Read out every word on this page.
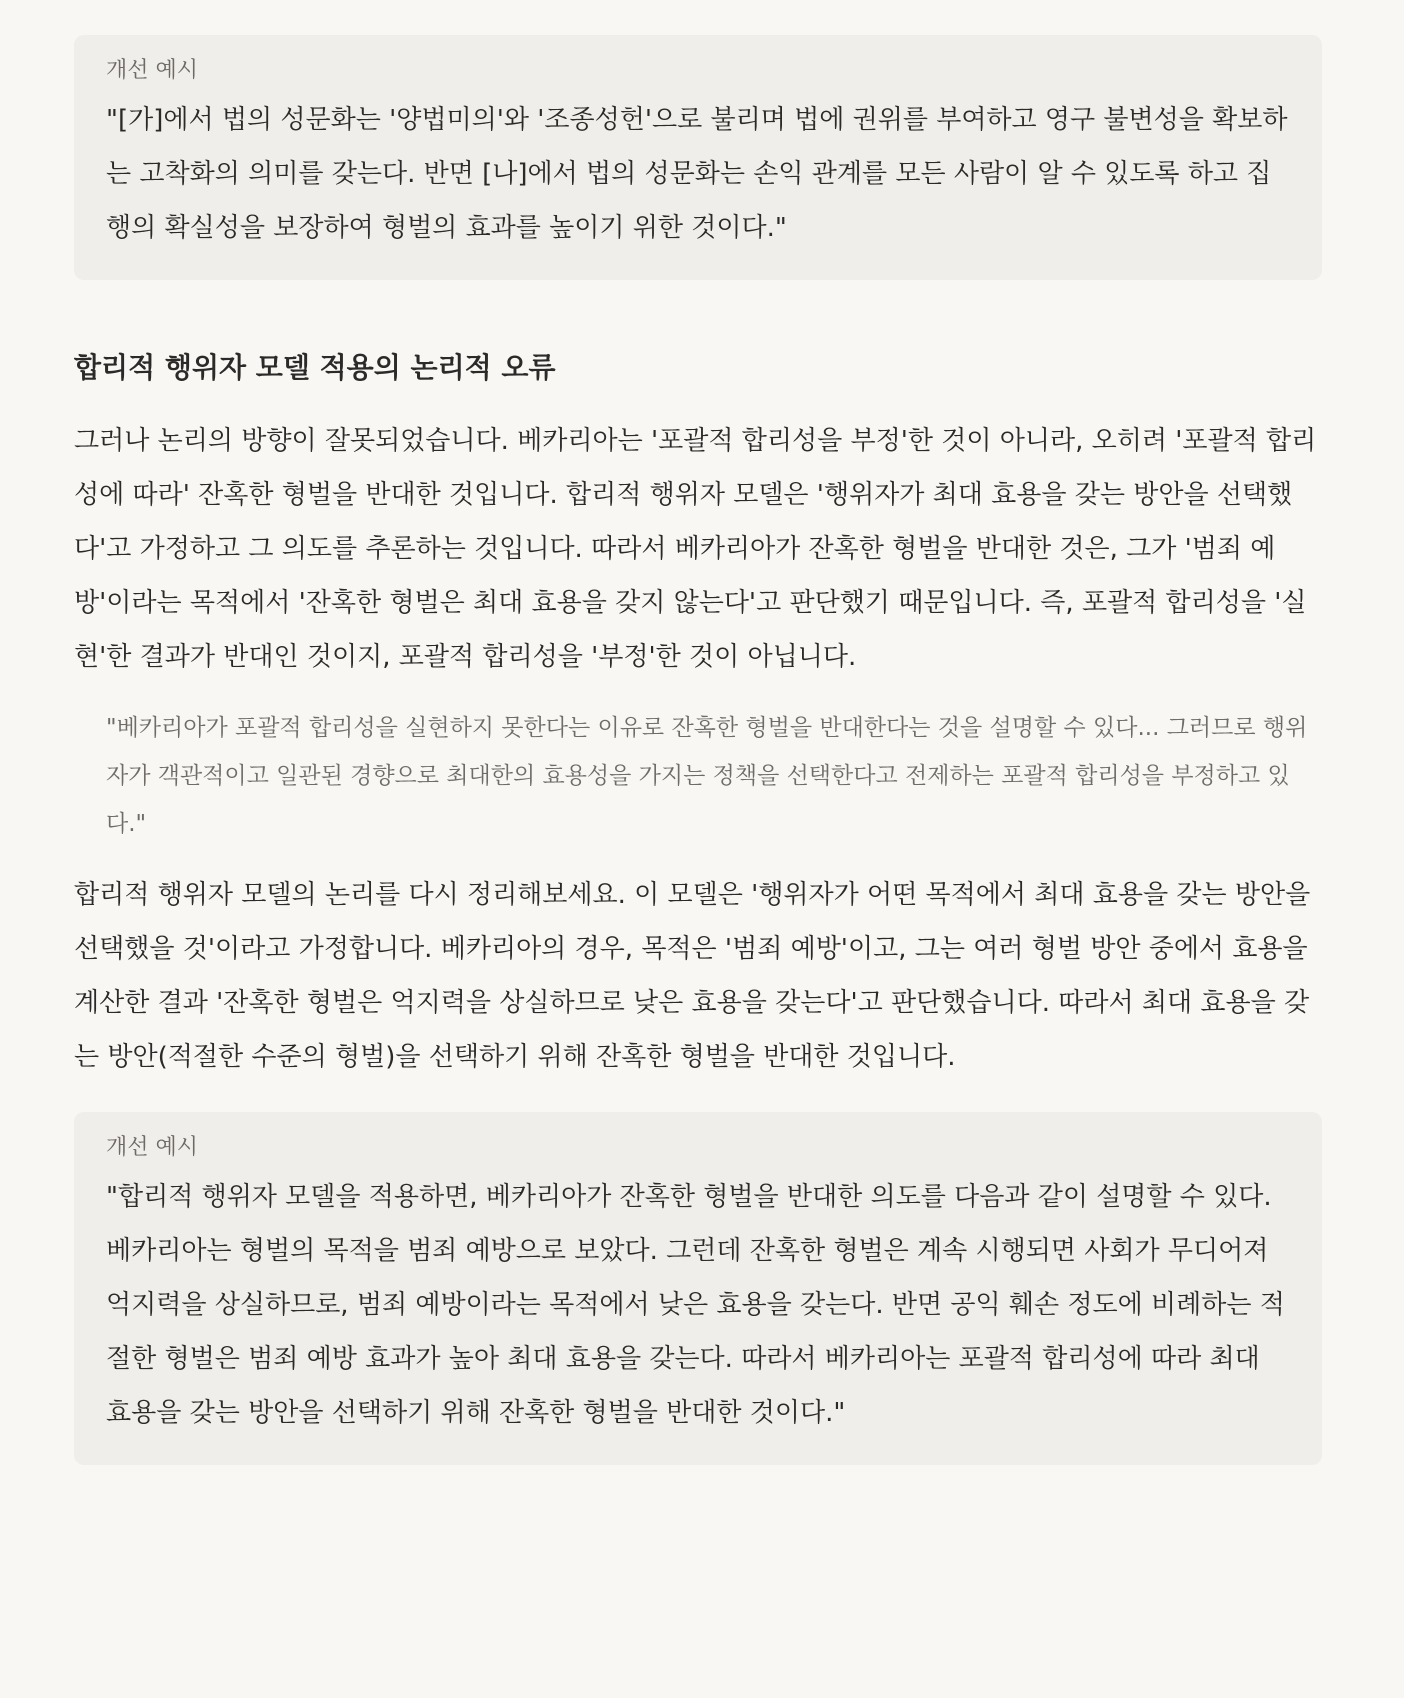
개선 예시
"[가]에서 법의 성문화는 '양법미의'와 '조종성헌'으로 불리며 법에 권위를 부여하고 영구 불변성을 확보하는 고착화의 의미를 갖는다. 반면 [나]에서 법의 성문화는 손익 관계를 모든 사람이 알 수 있도록 하고 집행의 확실성을 보장하여 형벌의 효과를 높이기 위한 것이다."
합리적 행위자 모델 적용의 논리적 오류
그러나 논리의 방향이 잘못되었습니다. 베카리아는 '포괄적 합리성을 부정'한 것이 아니라, 오히려 '포괄적 합리성에 따라' 잔혹한 형벌을 반대한 것입니다. 합리적 행위자 모델은 '행위자가 최대 효용을 갖는 방안을 선택했다'고 가정하고 그 의도를 추론하는 것입니다. 따라서 베카리아가 잔혹한 형벌을 반대한 것은, 그가 '범죄 예방'이라는 목적에서 '잔혹한 형벌은 최대 효용을 갖지 않는다'고 판단했기 때문입니다. 즉, 포괄적 합리성을 '실현'한 결과가 반대인 것이지, 포괄적 합리성을 '부정'한 것이 아닙니다.
"베카리아가 포괄적 합리성을 실현하지 못한다는 이유로 잔혹한 형벌을 반대한다는 것을 설명할 수 있다... 그러므로 행위자가 객관적이고 일관된 경향으로 최대한의 효용성을 가지는 정책을 선택한다고 전제하는 포괄적 합리성을 부정하고 있다."
합리적 행위자 모델의 논리를 다시 정리해보세요. 이 모델은 '행위자가 어떤 목적에서 최대 효용을 갖는 방안을 선택했을 것'이라고 가정합니다. 베카리아의 경우, 목적은 '범죄 예방'이고, 그는 여러 형벌 방안 중에서 효용을 계산한 결과 '잔혹한 형벌은 억지력을 상실하므로 낮은 효용을 갖는다'고 판단했습니다. 따라서 최대 효용을 갖는 방안(적절한 수준의 형벌)을 선택하기 위해 잔혹한 형벌을 반대한 것입니다.
개선 예시
"합리적 행위자 모델을 적용하면, 베카리아가 잔혹한 형벌을 반대한 의도를 다음과 같이 설명할 수 있다. 베카리아는 형벌의 목적을 범죄 예방으로 보았다. 그런데 잔혹한 형벌은 계속 시행되면 사회가 무디어져 억지력을 상실하므로, 범죄 예방이라는 목적에서 낮은 효용을 갖는다. 반면 공익 훼손 정도에 비례하는 적절한 형벌은 범죄 예방 효과가 높아 최대 효용을 갖는다. 따라서 베카리아는 포괄적 합리성에 따라 최대 효용을 갖는 방안을 선택하기 위해 잔혹한 형벌을 반대한 것이다."
